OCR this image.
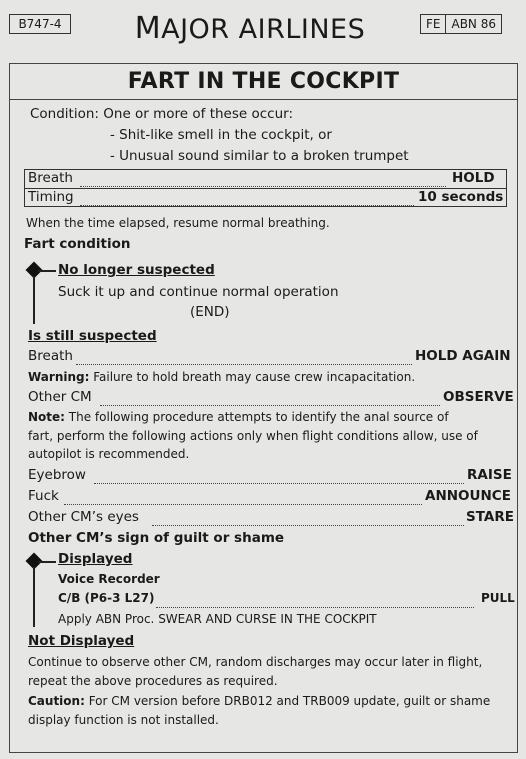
B747-4	MAJOR AIRLINES	FE ABN 86
FART IN THE COCKPIT
Condition: One or more of these occur:
- Shit-like smell in the cockpit, or
- Unusual sound similar to a broken trumpet
Breath	HOLD
Timing	10 seconds
When the time elapsed, resume normal breathing.
Fart condition
No longer suspected
Suck it up and continue normal operation
(END)
Is still suspected
Breath	HOLD AGAIN
Warning: Failure to hold breath may cause crew incapacitation.
Other CM	OBSERVE
Note: The following procedure attempts to identify the anal source of
fart, perform the following actions only when flight conditions allow, use of
autopilot is recommended.
Eyebrow	RAISE
Fuck	ANNOUNCE
Other CM’s eyes	STARE
Other CM’s sign of guilt or shame
Displayed
Voice Recorder
C/B (P6-3 L27)	PULL
Apply ABN Proc. SWEAR AND CURSE IN THE COCKPIT
Not Displayed
Continue to observe other CM, random discharges may occur later in flight,
repeat the above procedures as required.
Caution: For CM version before DRB012 and TRB009 update, guilt or shame
display function is not installed.
